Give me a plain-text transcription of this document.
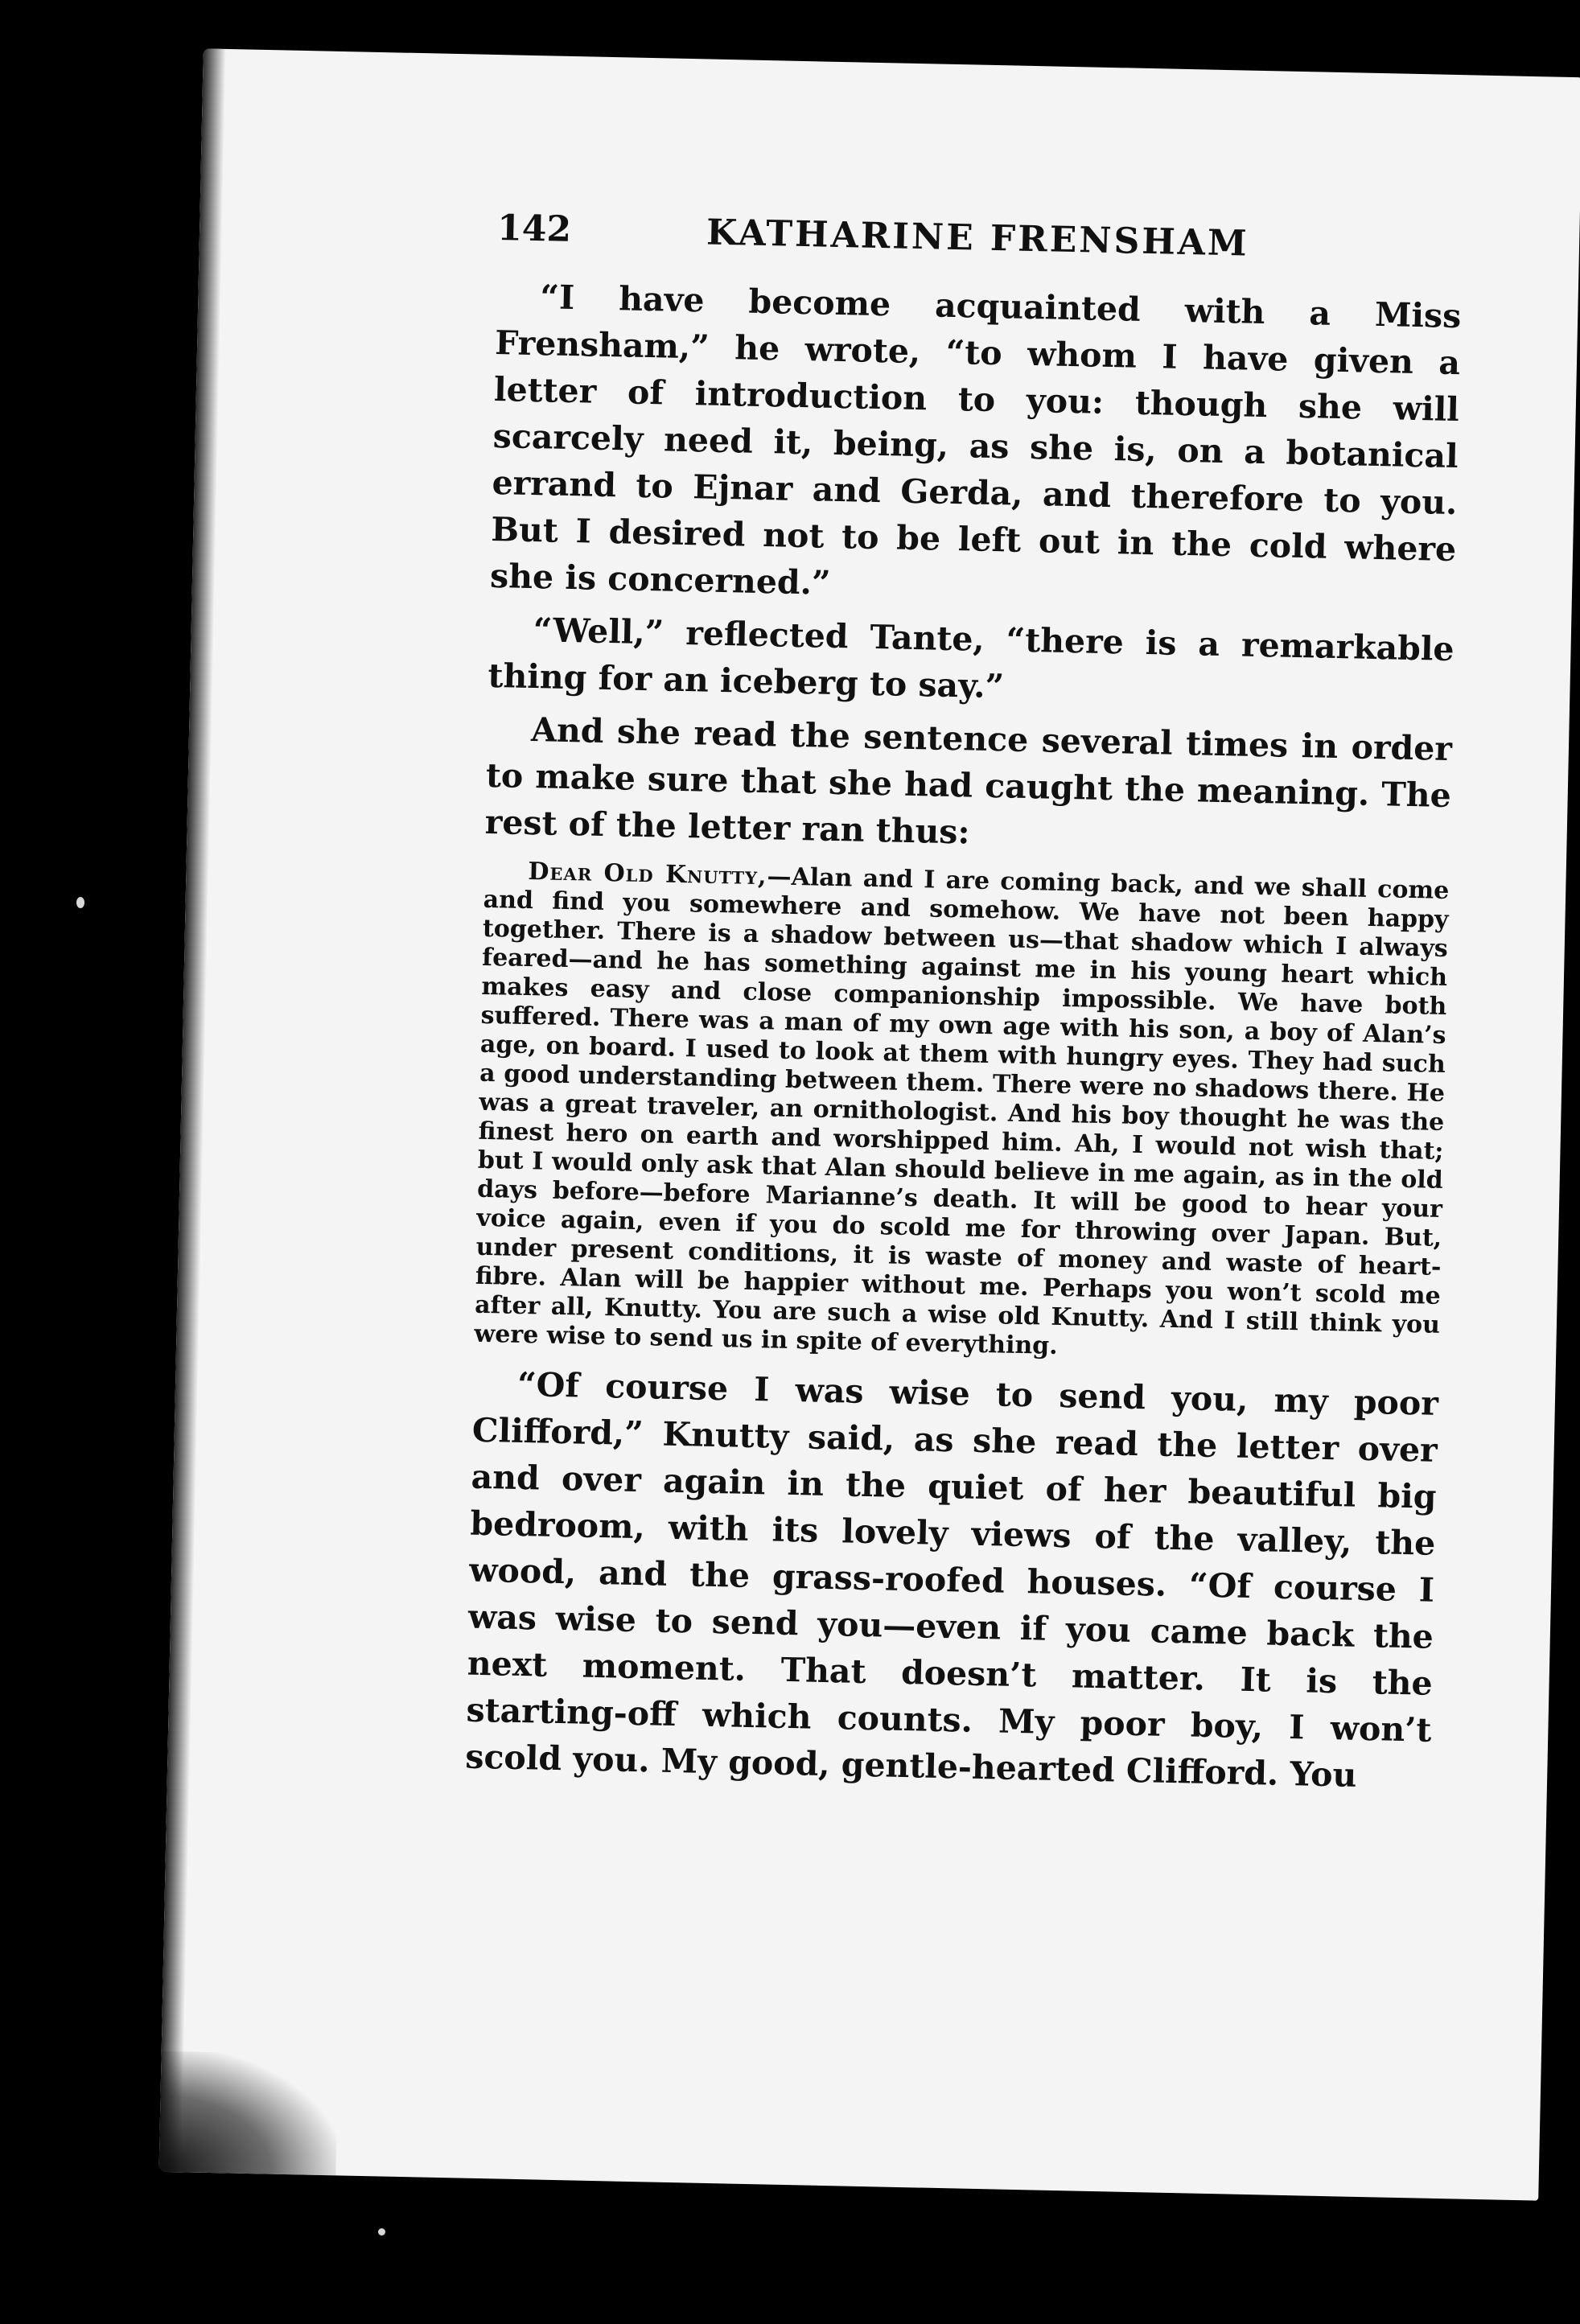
142	KATHARINE FRENSHAM

“I have become acquainted with a Miss Frensham,” he wrote, “to whom I have given a letter of introduction to you: though she will scarcely need it, being, as she is, on a botanical errand to Ejnar and Gerda, and therefore to you. But I desired not to be left out in the cold where she is concerned.”

“Well,” reflected Tante, “there is a remarkable thing for an iceberg to say.”

And she read the sentence several times in order to make sure that she had caught the meaning. The rest of the letter ran thus:

Dear Old Knutty,—Alan and I are coming back, and we shall come and find you somewhere and somehow. We have not been happy together. There is a shadow between us—that shadow which I always feared—and he has something against me in his young heart which makes easy and close companionship impossible. We have both suffered. There was a man of my own age with his son, a boy of Alan’s age, on board. I used to look at them with hungry eyes. They had such a good understanding between them. There were no shadows there. He was a great traveler, an ornithologist. And his boy thought he was the finest hero on earth and worshipped him. Ah, I would not wish that; but I would only ask that Alan should believe in me again, as in the old days before—before Marianne’s death. It will be good to hear your voice again, even if you do scold me for throwing over Japan. But, under present conditions, it is waste of money and waste of heart-fibre. Alan will be happier without me. Perhaps you won’t scold me after all, Knutty. You are such a wise old Knutty. And I still think you were wise to send us in spite of everything.

“Of course I was wise to send you, my poor Clifford,” Knutty said, as she read the letter over and over again in the quiet of her beautiful big bedroom, with its lovely views of the valley, the wood, and the grass-roofed houses. “Of course I was wise to send you—even if you came back the next moment. That doesn’t matter. It is the starting-off which counts. My poor boy, I won’t scold you. My good, gentle-hearted Clifford. You
